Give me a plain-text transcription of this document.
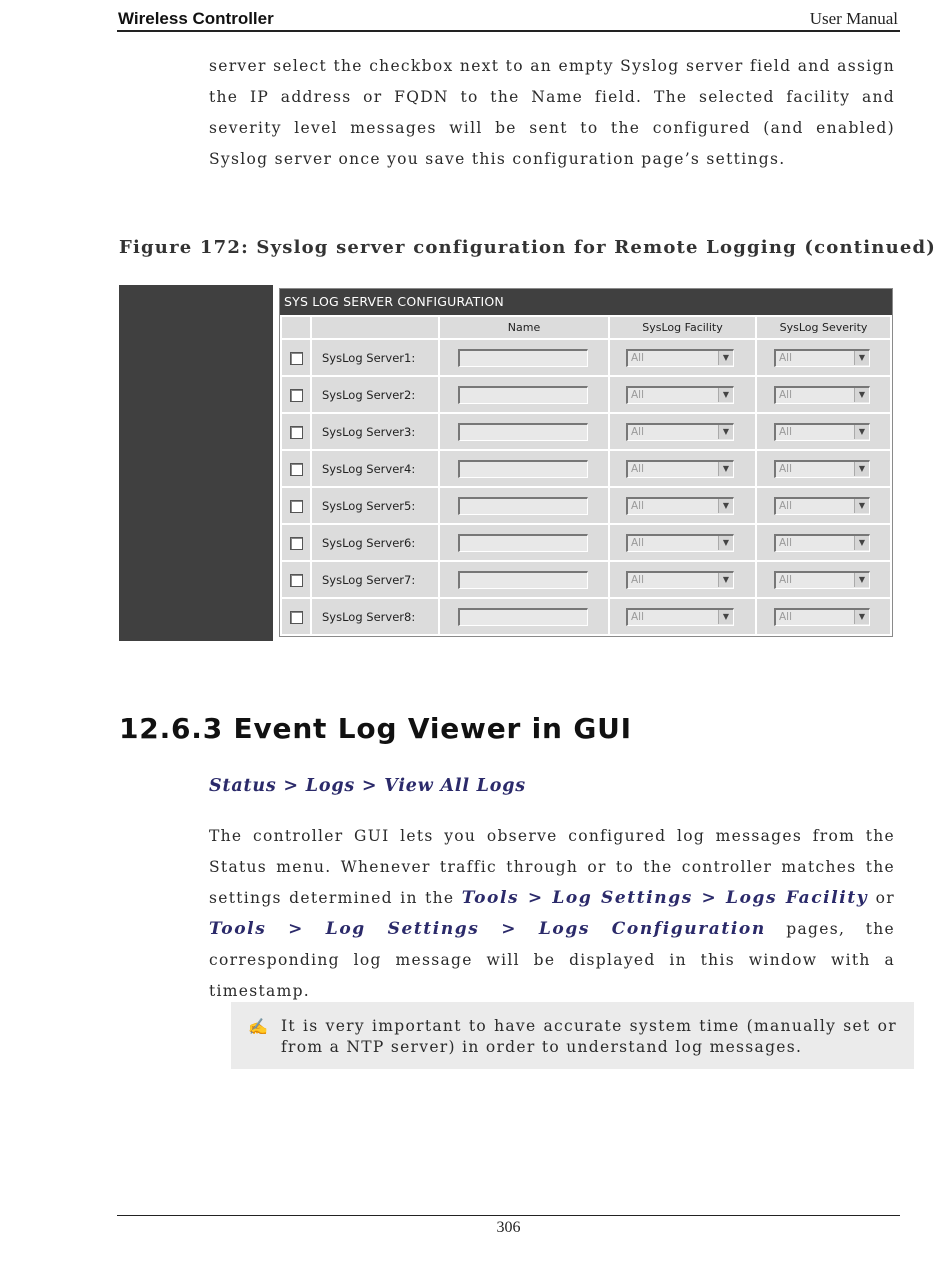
Wireless Controller	User Manual
server select the checkbox next to an empty Syslog server field and assign the IP address or FQDN to the Name field. The selected facility and severity level messages will be sent to the configured (and enabled) Syslog server once you save this configuration page’s settings.
Figure 172: Syslog server configuration for Remote Logging (continued)
SYS LOG SERVER CONFIGURATION
		Name	SysLog Facility	SysLog Severity
	SysLog Server1:		All ▼	All ▼

	SysLog Server2:		All ▼	All ▼

	SysLog Server3:		All ▼	All ▼

	SysLog Server4:		All ▼	All ▼

	SysLog Server5:		All ▼	All ▼

	SysLog Server6:		All ▼	All ▼

	SysLog Server7:		All ▼	All ▼

	SysLog Server8:		All ▼	All ▼
12.6.3 Event Log Viewer in GUI
Status > Logs > View All Logs
The controller GUI lets you observe configured log messages from the Status menu. Whenever traffic through or to the controller matches the settings determined in the Tools > Log Settings > Logs Facility or Tools > Log Settings > Logs Configuration pages, the corresponding log message will be displayed in this window with a timestamp.
✍ It is very important to have accurate system time (manually set or from a NTP server) in order to understand log messages.
306
